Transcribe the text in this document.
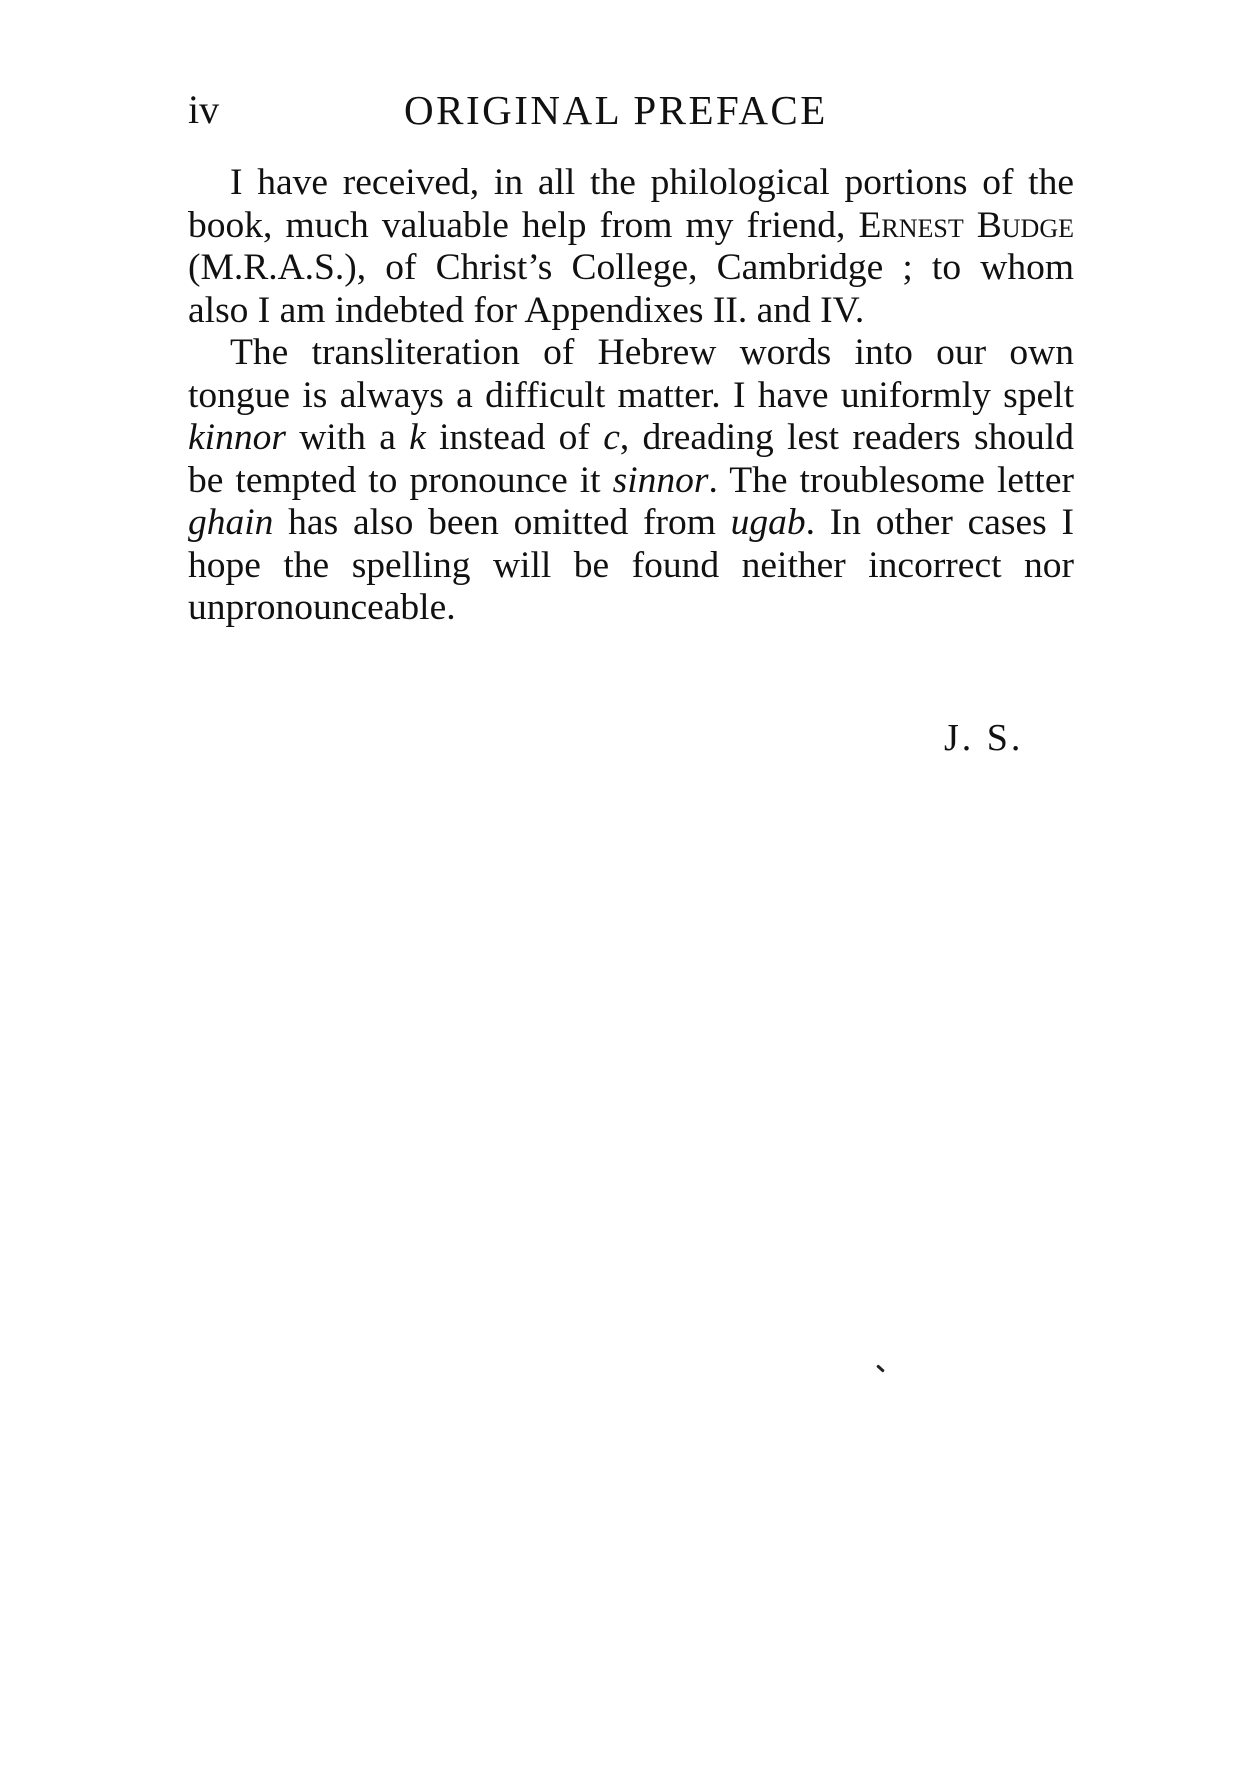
iv	ORIGINAL PREFACE

I have received, in all the philological portions of the book, much valuable help from my friend, Ernest Budge (M.R.A.S.), of Christ’s College, Cambridge ; to whom also I am indebted for Appendixes II. and IV.

The transliteration of Hebrew words into our own tongue is always a difficult matter. I have uniformly spelt kinnor with a k instead of c, dreading lest readers should be tempted to pronounce it sinnor. The troublesome letter ghain has also been omitted from ugab. In other cases I hope the spelling will be found neither incorrect nor unpronounceable.

J. S.
